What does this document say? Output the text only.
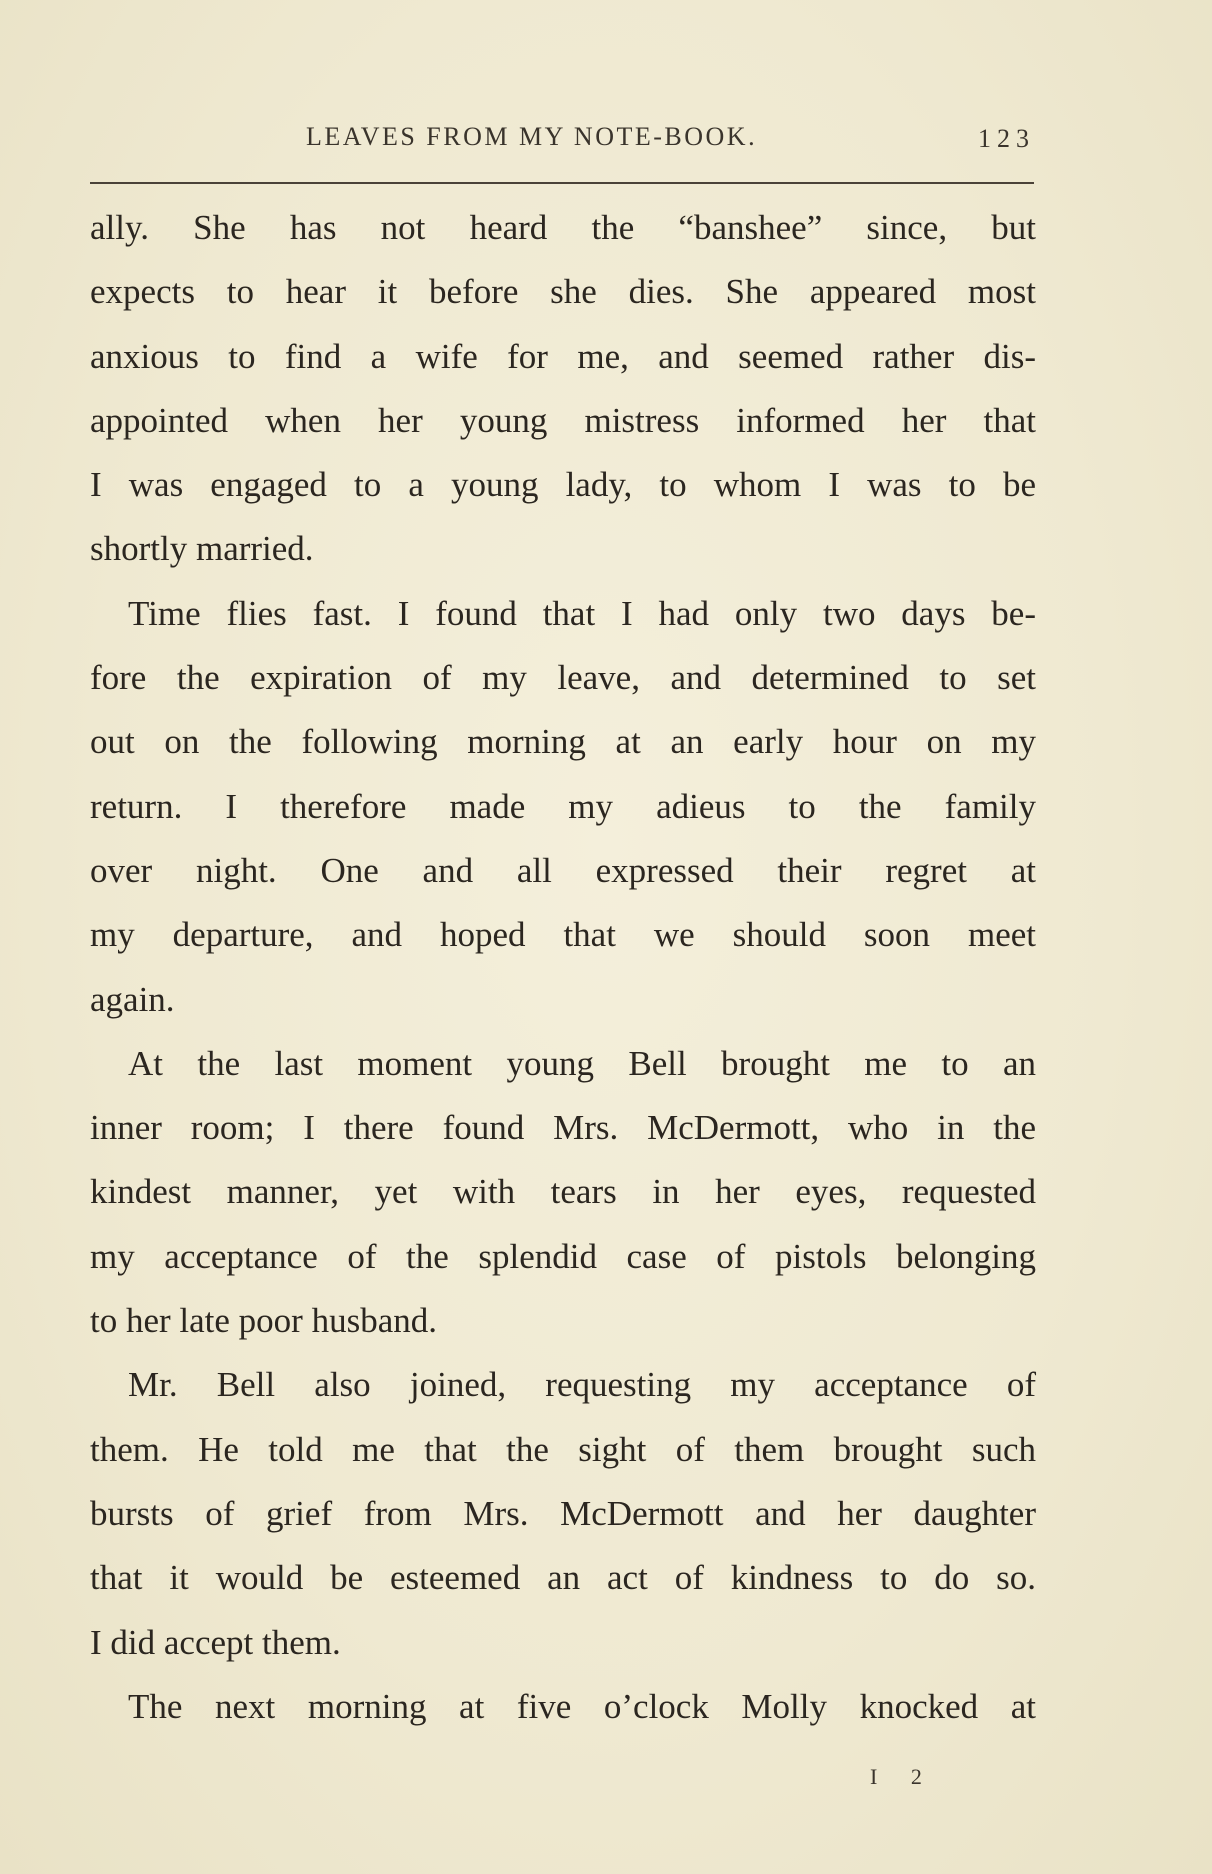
LEAVES FROM MY NOTE-BOOK.	123
ally. She has not heard the “banshee” since, but
expects to hear it before she dies. She appeared most
anxious to find a wife for me, and seemed rather dis-
appointed when her young mistress informed her that
I was engaged to a young lady, to whom I was to be
shortly married.
Time flies fast. I found that I had only two days be-
fore the expiration of my leave, and determined to set
out on the following morning at an early hour on my
return. I therefore made my adieus to the family
over night. One and all expressed their regret at
my departure, and hoped that we should soon meet
again.
At the last moment young Bell brought me to an
inner room; I there found Mrs. McDermott, who in the
kindest manner, yet with tears in her eyes, requested
my acceptance of the splendid case of pistols belonging
to her late poor husband.
Mr. Bell also joined, requesting my acceptance of
them. He told me that the sight of them brought such
bursts of grief from Mrs. McDermott and her daughter
that it would be esteemed an act of kindness to do so.
I did accept them.
The next morning at five o’clock Molly knocked at
I 2
